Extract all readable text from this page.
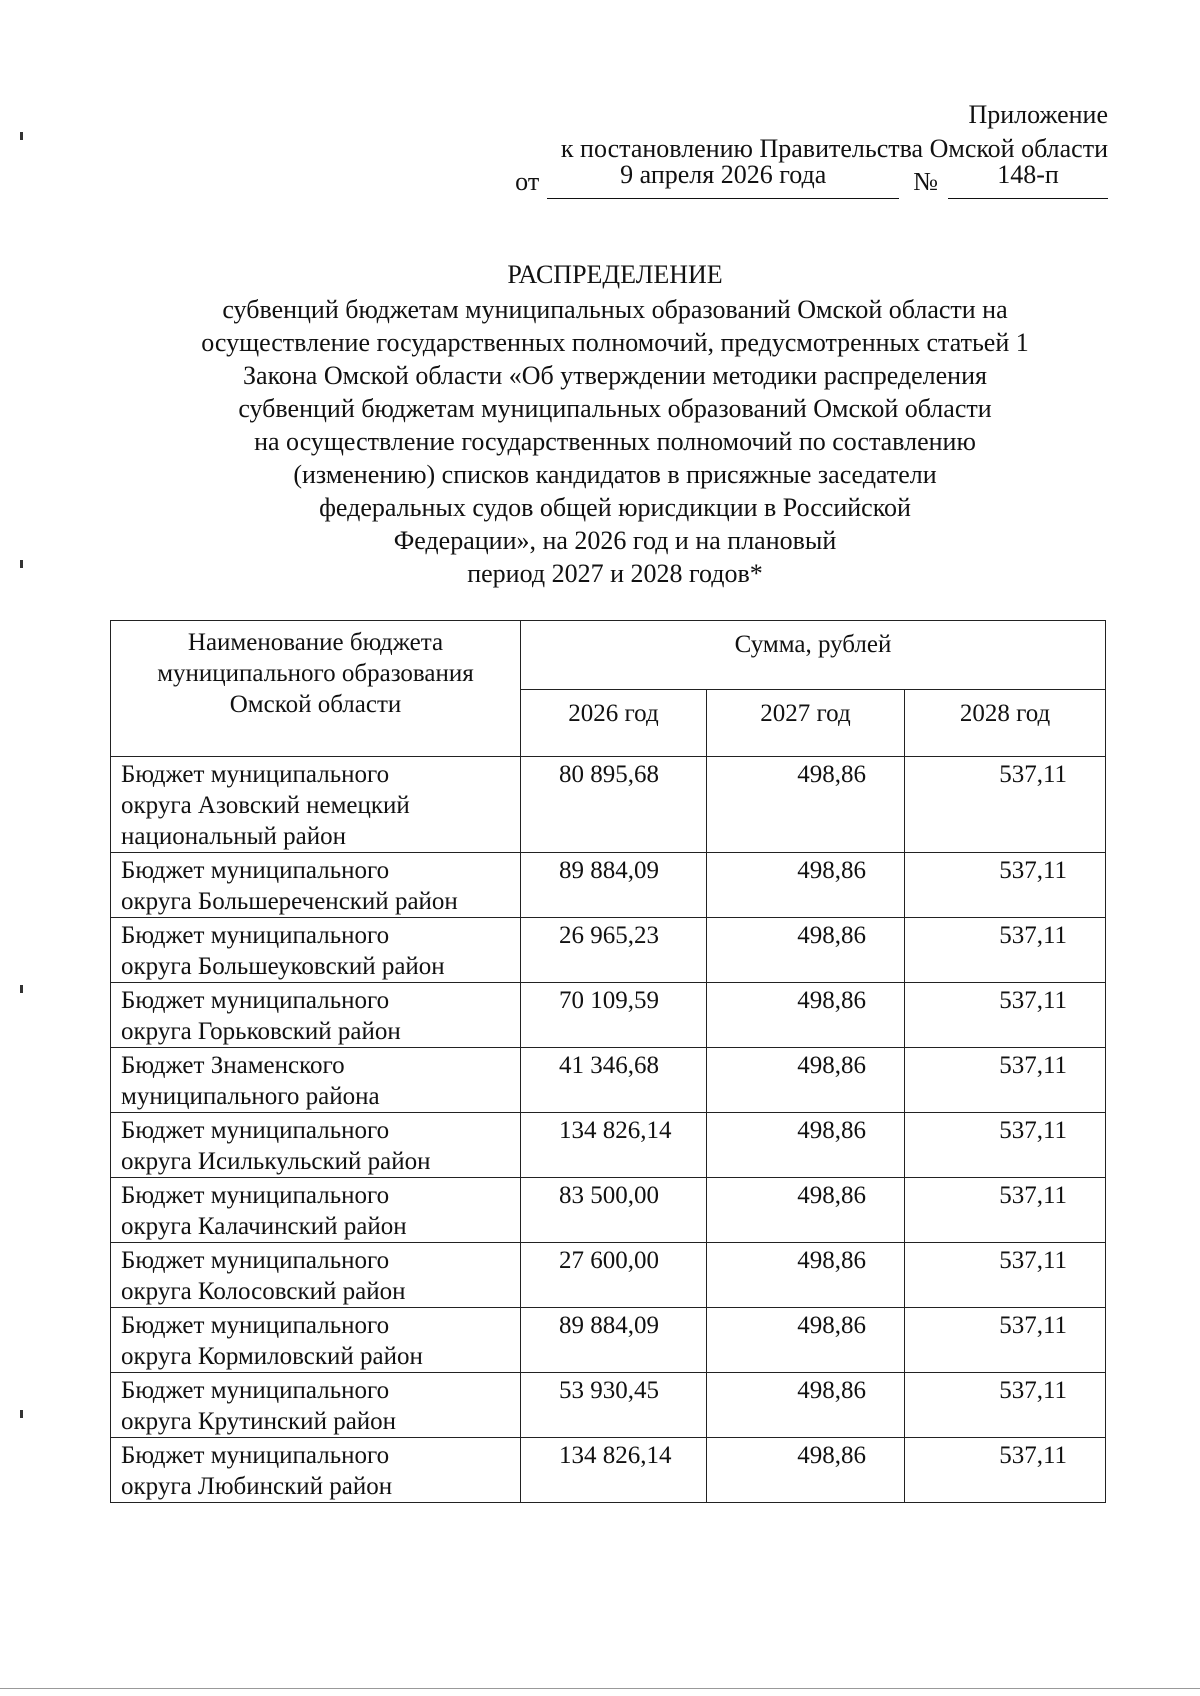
Приложение
к постановлению Правительства Омской области
от	9 апреля 2026 года	№	148-п
РАСПРЕДЕЛЕНИЕ
субвенций бюджетам муниципальных образований Омской области на
осуществление государственных полномочий, предусмотренных статьей 1
Закона Омской области «Об утверждении методики распределения
субвенций бюджетам муниципальных образований Омской области
на осуществление государственных полномочий по составлению
(изменению) списков кандидатов в присяжные заседатели
федеральных судов общей юрисдикции в Российской
Федерации», на 2026 год и на плановый
период 2027 и 2028 годов*
Наименование бюджета
муниципального образования
Омской области	Сумма, рублей		
	2026 год	2027 год	2028 год

Бюджет муниципального
округа Азовский немецкий
национальный район	80 895,68	498,86	537,11

Бюджет муниципального
округа Большереченский район	89 884,09	498,86	537,11

Бюджет муниципального
округа Большеуковский район	26 965,23	498,86	537,11

Бюджет муниципального
округа Горьковский район	70 109,59	498,86	537,11

Бюджет Знаменского
муниципального района	41 346,68	498,86	537,11

Бюджет муниципального
округа Исилькульский район	134 826,14	498,86	537,11

Бюджет муниципального
округа Калачинский район	83 500,00	498,86	537,11

Бюджет муниципального
округа Колосовский район	27 600,00	498,86	537,11

Бюджет муниципального
округа Кормиловский район	89 884,09	498,86	537,11

Бюджет муниципального
округа Крутинский район	53 930,45	498,86	537,11

Бюджет муниципального
округа Любинский район	134 826,14	498,86	537,11
